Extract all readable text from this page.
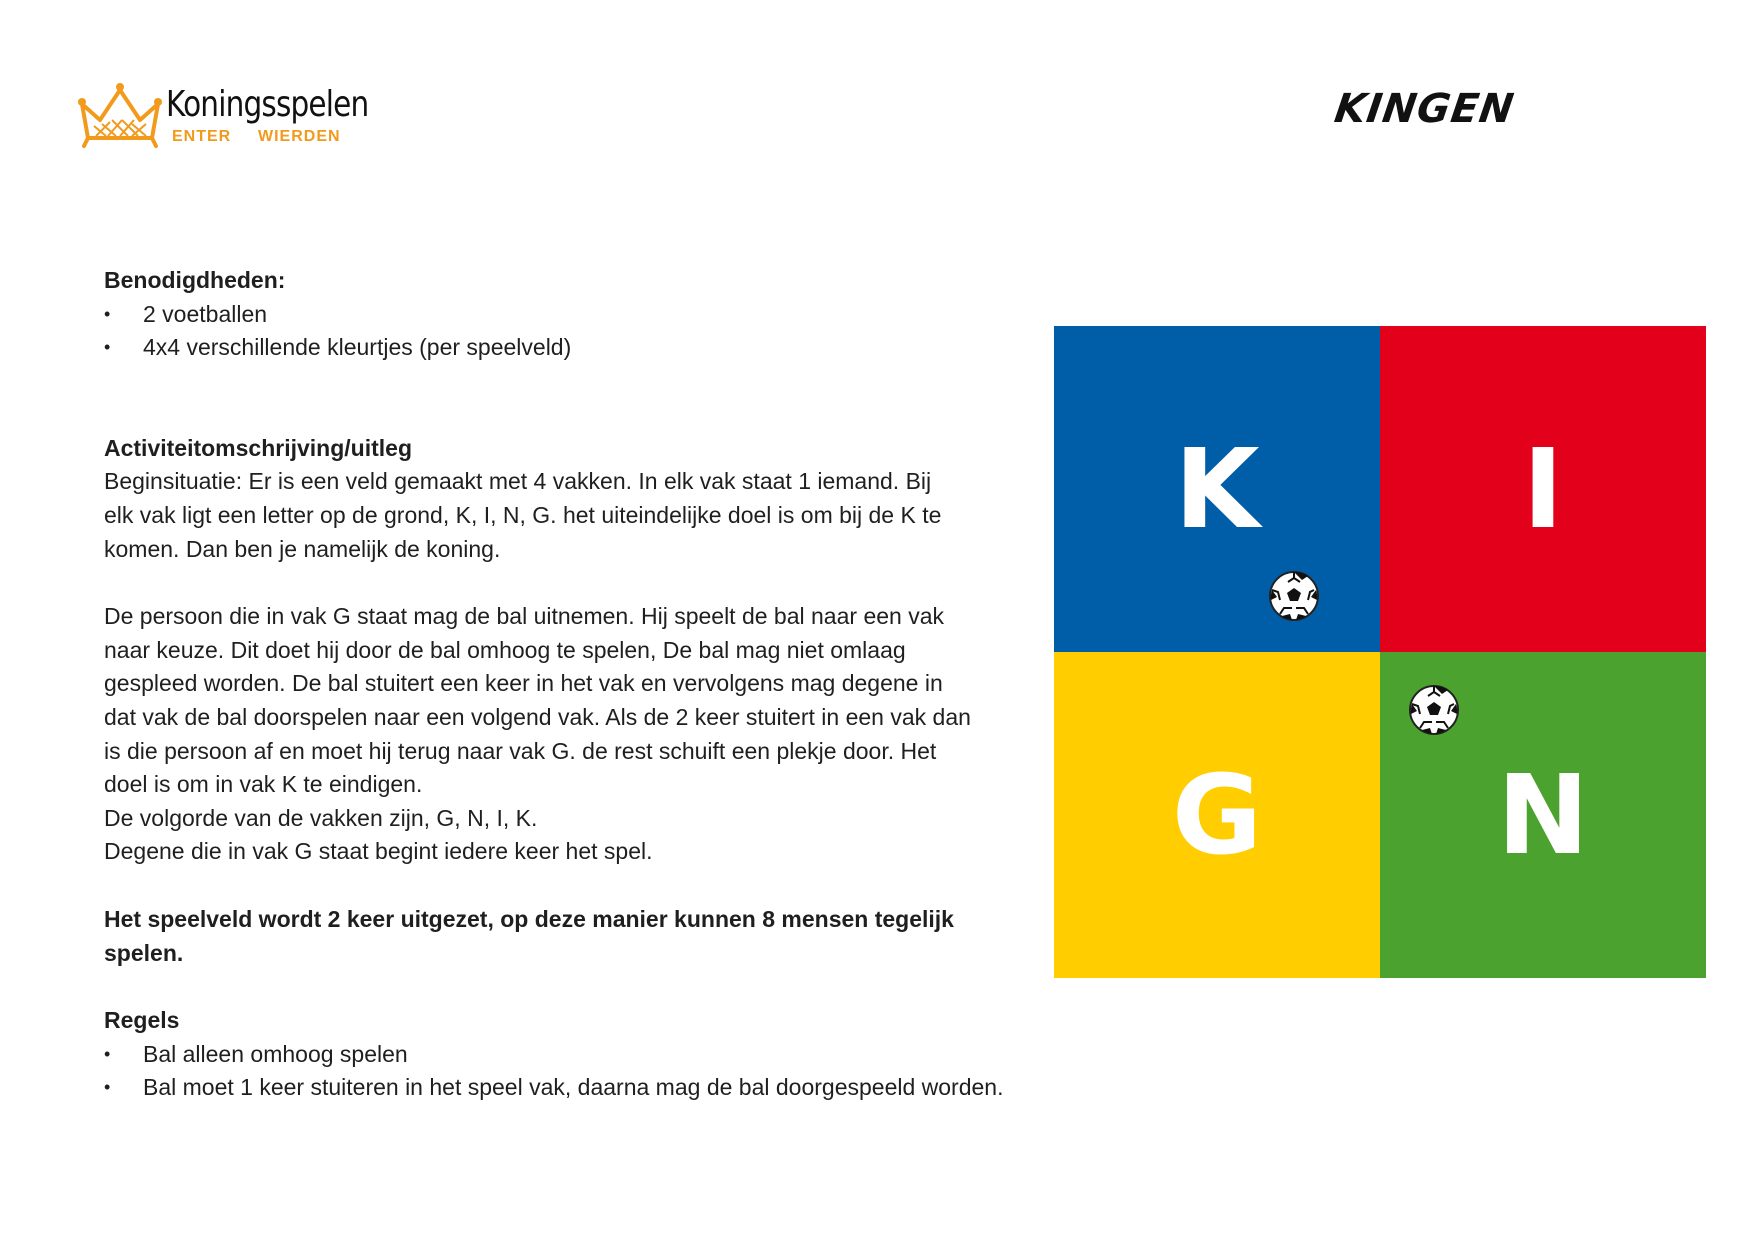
Koningsspelen
ENTER WIERDEN
KINGEN

Benodigdheden:

• 2 voetballen
• 4x4 verschillende kleurtjes (per speelveld)

Activiteitomschrijving/uitleg

Beginsituatie: Er is een veld gemaakt met 4 vakken. In elk vak staat 1 iemand. Bij

elk vak ligt een letter op de grond, K, I, N, G. het uiteindelijke doel is om bij de K te

komen. Dan ben je namelijk de koning.

De persoon die in vak G staat mag de bal uitnemen. Hij speelt de bal naar een vak

naar keuze. Dit doet hij door de bal omhoog te spelen, De bal mag niet omlaag

gespleed worden. De bal stuitert een keer in het vak en vervolgens mag degene in

dat vak de bal doorspelen naar een volgend vak. Als de 2 keer stuitert in een vak dan

is die persoon af en moet hij terug naar vak G. de rest schuift een plekje door. Het

doel is om in vak K te eindigen.

De volgorde van de vakken zijn, G, N, I, K.

Degene die in vak G staat begint iedere keer het spel.

Het speelveld wordt 2 keer uitgezet, op deze manier kunnen 8 mensen tegelijk

spelen.

Regels

• Bal alleen omhoog spelen
• Bal moet 1 keer stuiteren in het speel vak, daarna mag de bal doorgespeeld worden.
K I
G N
